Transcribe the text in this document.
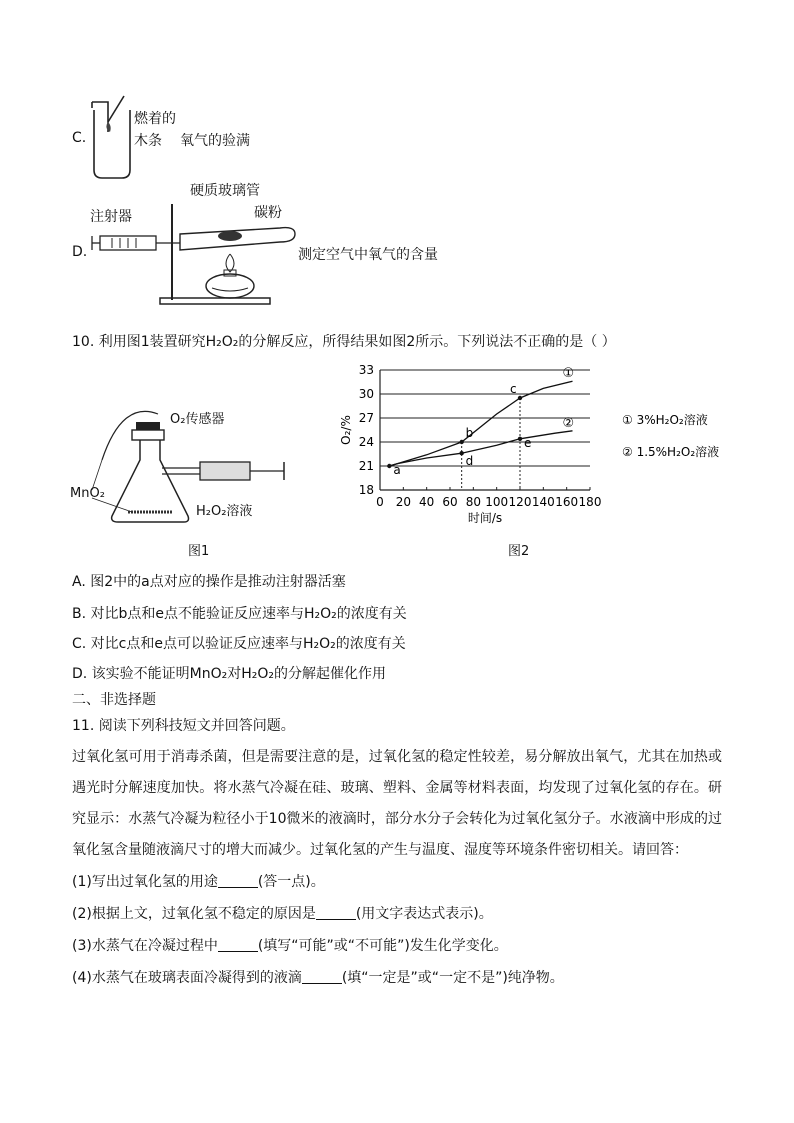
C.
燃着的
木条 氧气的验满
D.
注射器
硬质玻璃管
碳粉
测定空气中氧气的含量
10. 利用图1装置研究H₂O₂的分解反应，所得结果如图2所示。下列说法不正确的是（ ）
O₂传感器
MnO₂
H₂O₂溶液
图1
18
21
24
27
30
33
0 20 40 60 80 100 120 140 160 180
O₂/%
时间/s
①
① 3%H₂O₂溶液
②
② 1.5%H₂O₂溶液
a
b
c
d
e
图2
A. 图2中的a点对应的操作是推动注射器活塞
B. 对比b点和e点不能验证反应速率与H₂O₂的浓度有关
C. 对比c点和e点可以验证反应速率与H₂O₂的浓度有关
D. 该实验不能证明MnO₂对H₂O₂的分解起催化作用
二、非选择题
11. 阅读下列科技短文并回答问题。
过氧化氢可用于消毒杀菌，但是需要注意的是，过氧化氢的稳定性较差，易分解放出氧气，尤其在加热或遇光时分解速度加快。将水蒸气冷凝在硅、玻璃、塑料、金属等材料表面，均发现了过氧化氢的存在。研究显示：水蒸气冷凝为粒径小于10微米的液滴时，部分水分子会转化为过氧化氢分子。水液滴中形成的过氧化氢含量随液滴尺寸的增大而减少。过氧化氢的产生与温度、湿度等环境条件密切相关。请回答：
(1)写出过氧化氢的用途	(答一点)。
(2)根据上文，过氧化氢不稳定的原因是	(用文字表达式表示)。
(3)水蒸气在冷凝过程中	(填写“可能”或“不可能”)发生化学变化。
(4)水蒸气在玻璃表面冷凝得到的液滴	(填“一定是”或“一定不是”)纯净物。
